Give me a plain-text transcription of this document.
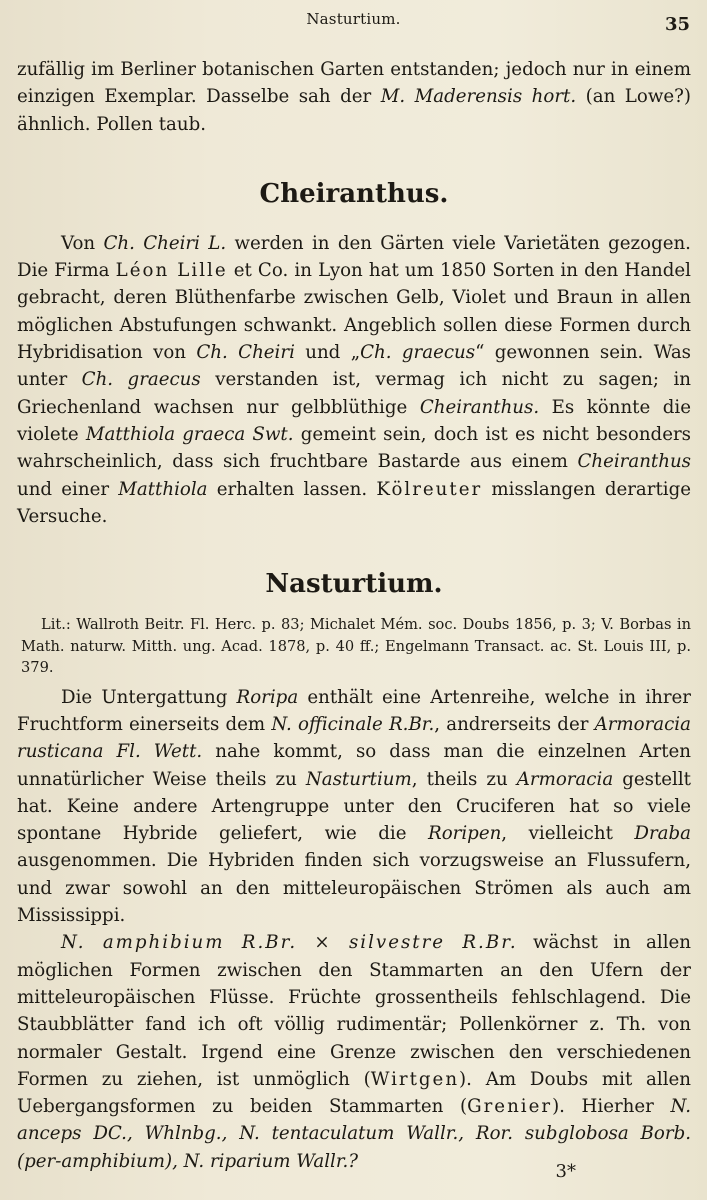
Nasturtium.	35

zufällig im Berliner botanischen Garten entstanden; jedoch nur in einem einzigen Exemplar. Dasselbe sah der M. Maderensis hort. (an Lowe?) ähnlich. Pollen taub.

Cheiranthus.

Von Ch. Cheiri L. werden in den Gärten viele Varietäten gezogen. Die Firma Léon Lille et Co. in Lyon hat um 1850 Sorten in den Handel gebracht, deren Blüthenfarbe zwischen Gelb, Violet und Braun in allen möglichen Abstufungen schwankt. Angeblich sollen diese Formen durch Hybridisation von Ch. Cheiri und „Ch. graecus“ gewonnen sein. Was unter Ch. graecus verstanden ist, vermag ich nicht zu sagen; in Griechenland wachsen nur gelbblüthige Cheiranthus. Es könnte die violete Matthiola graeca Swt. gemeint sein, doch ist es nicht besonders wahrscheinlich, dass sich fruchtbare Bastarde aus einem Cheiranthus und einer Matthiola erhalten lassen. Kölreuter misslangen derartige Versuche.

Nasturtium.

Lit.: Wallroth Beitr. Fl. Herc. p. 83; Michalet Mém. soc. Doubs 1856, p. 3; V. Borbas in Math. naturw. Mitth. ung. Acad. 1878, p. 40 ff.; Engelmann Transact. ac. St. Louis III, p. 379.

Die Untergattung Roripa enthält eine Artenreihe, welche in ihrer Fruchtform einerseits dem N. officinale R.Br., andrerseits der Armoracia rusticana Fl. Wett. nahe kommt, so dass man die einzelnen Arten unnatürlicher Weise theils zu Nasturtium, theils zu Armoracia gestellt hat. Keine andere Artengruppe unter den Cruciferen hat so viele spontane Hybride geliefert, wie die Roripen, vielleicht Draba ausgenommen. Die Hybriden finden sich vorzugsweise an Flussufern, und zwar sowohl an den mitteleuropäischen Strömen als auch am Mississippi.

N. amphibium R.Br. × silvestre R.Br. wächst in allen möglichen Formen zwischen den Stammarten an den Ufern der mitteleuropäischen Flüsse. Früchte grossentheils fehlschlagend. Die Staubblätter fand ich oft völlig rudimentär; Pollenkörner z. Th. von normaler Gestalt. Irgend eine Grenze zwischen den verschiedenen Formen zu ziehen, ist unmöglich (Wirtgen). Am Doubs mit allen Uebergangsformen zu beiden Stammarten (Grenier). Hierher N. anceps DC., Whlnbg., N. tentaculatum Wallr., Ror. subglobosa Borb. (per-amphibium), N. riparium Wallr.?	3*
